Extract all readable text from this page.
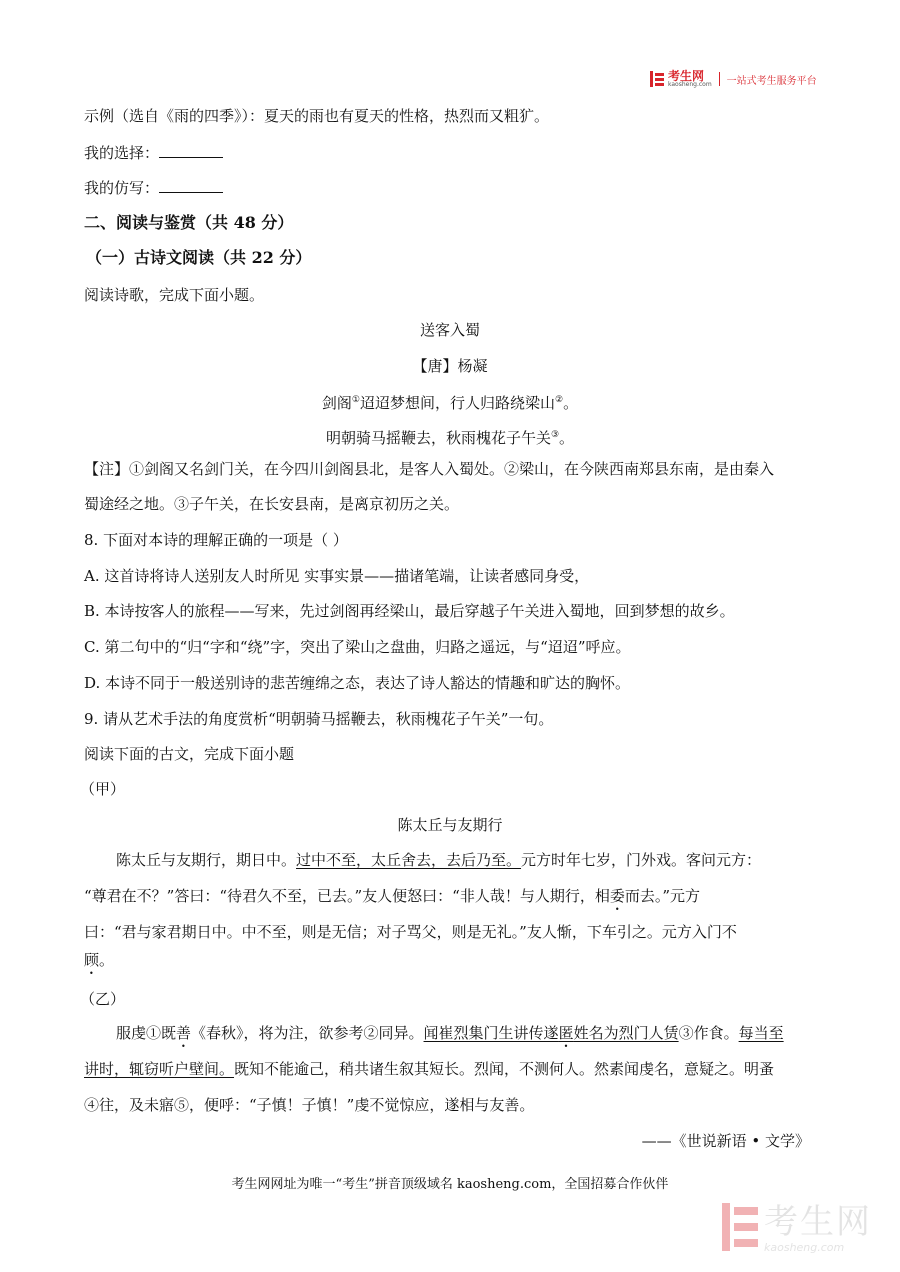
考生网
kaosheng.com 一站式考生服务平台
示例（选自《雨的四季》）：夏天的雨也有夏天的性格，热烈而又粗犷。
我的选择：
我的仿写：
二、阅读与鉴赏（共 48 分）
（一）古诗文阅读（共 22 分）
阅读诗歌，完成下面小题。
送客入蜀
【唐】杨凝
剑阁①迢迢梦想间，行人归路绕梁山②。
明朝骑马摇鞭去，秋雨槐花子午关③。
【注】①剑阁又名剑门关，在今四川剑阁县北，是客人入蜀处。②梁山，在今陕西南郑县东南，是由秦入
蜀途经之地。③子午关，在长安县南，是离京初历之关。
8. 下面对本诗的理解正确的一项是（ ）
A. 这首诗将诗人送别友人时所见 实事实景——描诸笔端，让读者感同身受，
B. 本诗按客人的旅程——写来，先过剑阁再经梁山，最后穿越子午关进入蜀地，回到梦想的故乡。
C. 第二句中的“归“字和“绕”字，突出了梁山之盘曲，归路之遥远，与“迢迢”呼应。
D. 本诗不同于一般送别诗的悲苦缠绵之态，表达了诗人豁达的情趣和旷达的胸怀。
9. 请从艺术手法的角度赏析“明朝骑马摇鞭去，秋雨槐花子午关”一句。
阅读下面的古文，完成下面小题
（甲）
陈太丘与友期行
陈太丘与友期行，期日中。过中不至，太丘舍去，去后乃至。元方时年七岁，门外戏。客问元方：
“尊君在不？”答曰：“待君久不至，已去。”友人便怒曰：“非人哉！与人期行，相委而去。”元方
曰：“君与家君期日中。中不至，则是无信；对子骂父，则是无礼。”友人惭，下车引之。元方入门不
顾。
（乙）
服虔①既善《春秋》，将为注，欲参考②同异。闻崔烈集门生讲传遂匿姓名为烈门人赁③作食。每当至
讲时，辄窃听户壁间。既知不能逾己，稍共诸生叙其短长。烈闻，不测何人。然素闻虔名，意疑之。明蚤
④往，及未寤⑤，便呼：“子慎！子慎！”虔不觉惊应，遂相与友善。
——《世说新语 • 文学》
考生网网址为唯一“考生”拼音顶级域名 kaosheng.com，全国招募合作伙伴
考生网
kaosheng.com
